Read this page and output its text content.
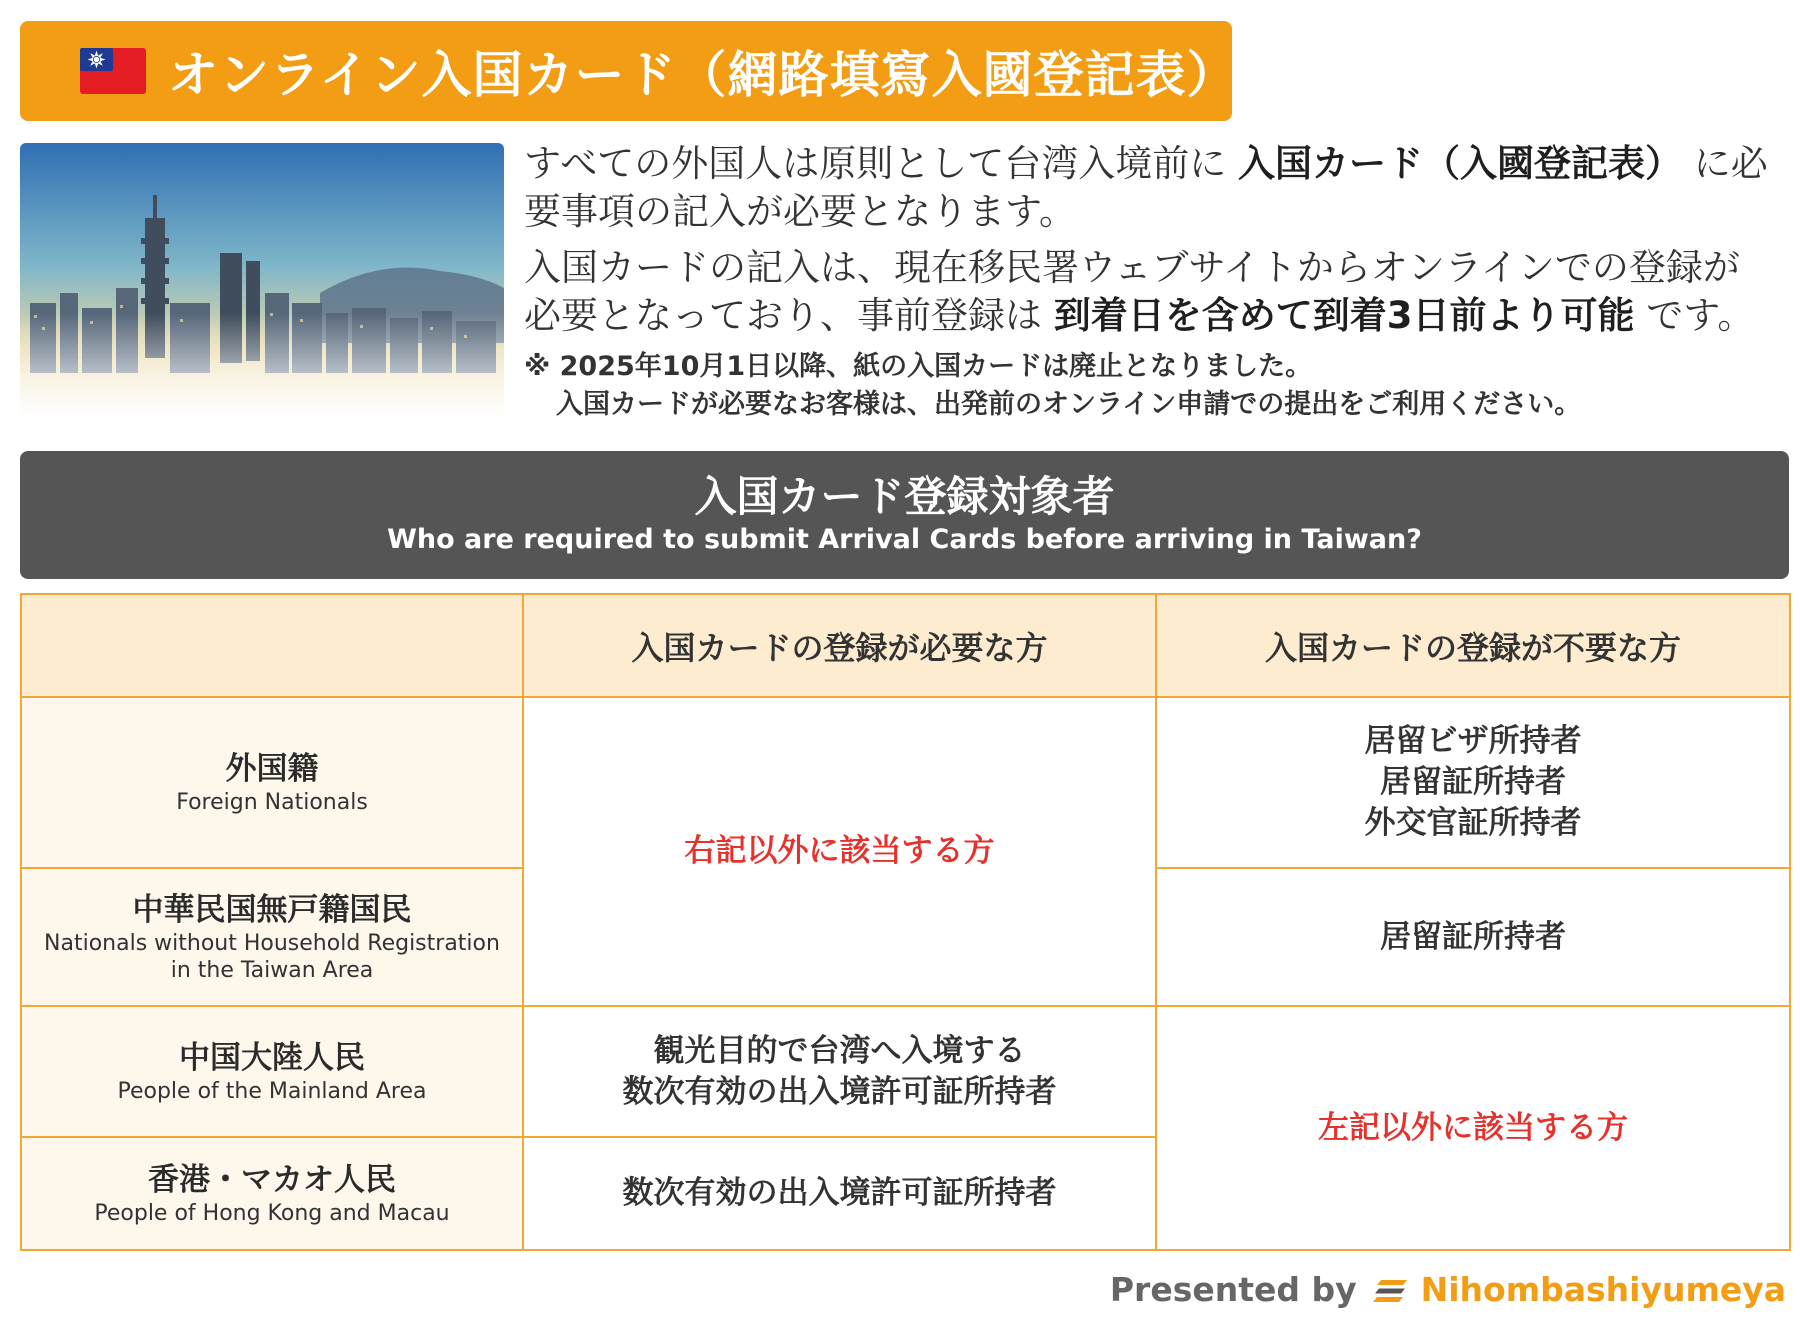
オンライン入国カード（網路填寫入國登記表）

すべての外国人は原則として台湾入境前に 入国カード（入國登記表） に必要事項の記入が必要となります。

入国カードの記入は、現在移民署ウェブサイトからオンラインでの登録が必要となっており、事前登録は 到着日を含めて到着3日前より可能 です。

※ 2025年10月1日以降、紙の入国カードは廃止となりました。

入国カードが必要なお客様は、出発前のオンライン申請での提出をご利用ください。

入国カード登録対象者
Who are required to submit Arrival Cards before arriving in Taiwan?
	入国カードの登録が必要な方	入国カードの登録が不要な方

外国籍
Foreign Nationals	右記以外に該当する方	居留ビザ所持者
居留証所持者
外交官証所持者

中華民国無戸籍国民
Nationals without Household Registration in the Taiwan Area		居留証所持者

中国大陸人民
People of the Mainland Area	観光目的で台湾へ入境する
数次有効の出入境許可証所持者	左記以外に該当する方

香港・マカオ人民
People of Hong Kong and Macau	数次有効の出入境許可証所持者	
Presented by Nihombashiyumeya
